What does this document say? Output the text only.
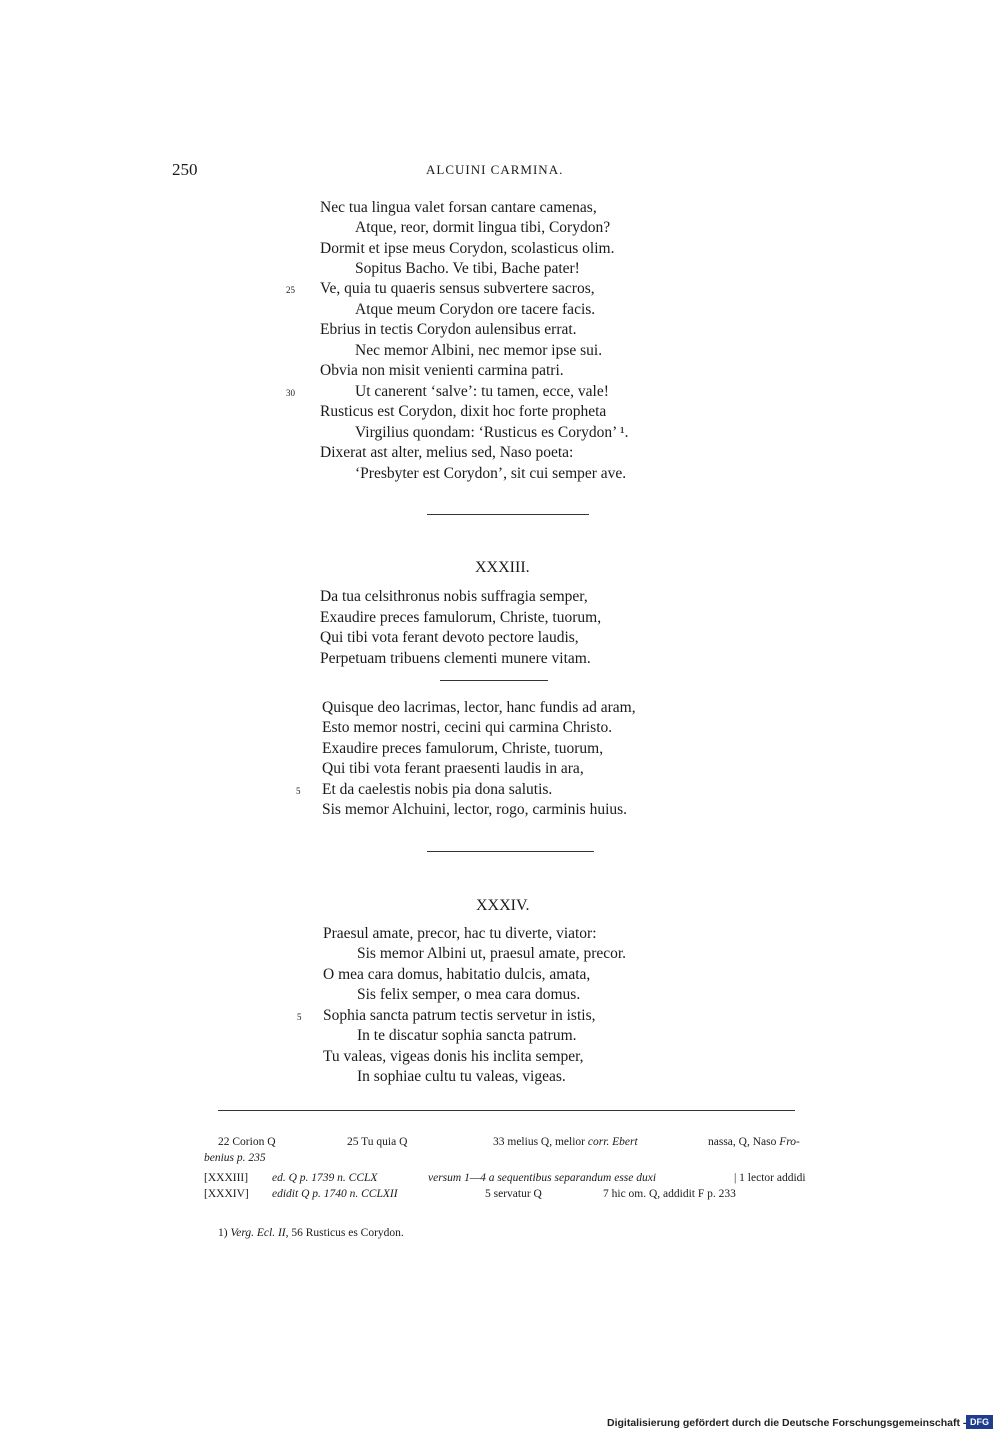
250	ALCUINI CARMINA.
Nec tua lingua valet forsan cantare camenas,
Atque, reor, dormit lingua tibi, Corydon?
Dormit et ipse meus Corydon, scolasticus olim.
Sopitus Bacho. Ve tibi, Bache pater!
25 Ve, quia tu quaeris sensus subvertere sacros,
Atque meum Corydon ore tacere facis.
Ebrius in tectis Corydon aulensibus errat.
Nec memor Albini, nec memor ipse sui.
Obvia non misit venienti carmina patri.
30	Ut canerent ‘salve’: tu tamen, ecce, vale!
Rusticus est Corydon, dixit hoc forte propheta
Virgilius quondam: ‘Rusticus es Corydon’ ¹.
Dixerat ast alter, melius sed, Naso poeta:
‘Presbyter est Corydon’, sit cui semper ave.
XXXIII.
Da tua celsithronus nobis suffragia semper,
Exaudire preces famulorum, Christe, tuorum,
Qui tibi vota ferant devoto pectore laudis,
Perpetuam tribuens clementi munere vitam.
Quisque deo lacrimas, lector, hanc fundis ad aram,
Esto memor nostri, cecini qui carmina Christo.
Exaudire preces famulorum, Christe, tuorum,
Qui tibi vota ferant praesenti laudis in ara,
5 Et da caelestis nobis pia dona salutis.
Sis memor Alchuini, lector, rogo, carminis huius.
XXXIV.
Praesul amate, precor, hac tu diverte, viator:
Sis memor Albini ut, praesul amate, precor.
O mea cara domus, habitatio dulcis, amata,
Sis felix semper, o mea cara domus.
5 Sophia sancta patrum tectis servetur in istis,
In te discatur sophia sancta patrum.
Tu valeas, vigeas donis his inclita semper,
In sophiae cultu tu valeas, vigeas.
22 Corion Q	25 Tu quia Q	33 melius Q, melior corr. Ebert	nassa, Q, Naso Fro-
benius p. 235
[XXXIII] ed. Q p. 1739 n. CCLX	versum 1—4 a sequentibus separandum esse duxi	| 1 lector addidi
[XXXIV] edidit Q p. 1740 n. CCLXII	5 servatur Q	7 hic om. Q, addidit F p. 233
1) Verg. Ecl. II, 56 Rusticus es Corydon.
Digitalisierung gefördert durch die Deutsche Forschungsgemeinschaft - DFG
